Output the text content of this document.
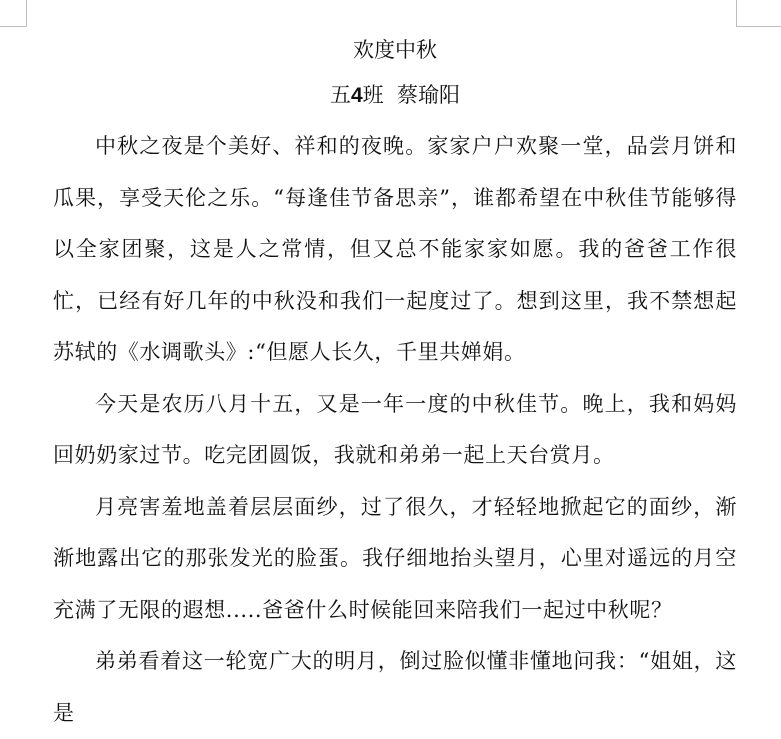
欢度中秋
五4班 蔡瑜阳

中秋之夜是个美好、祥和的夜晚。家家户户欢聚一堂，品尝月饼和瓜果，享受天伦之乐。“每逢佳节备思亲”，谁都希望在中秋佳节能够得以全家团聚，这是人之常情，但又总不能家家如愿。我的爸爸工作很忙，已经有好几年的中秋没和我们一起度过了。想到这里，我不禁想起苏轼的《水调歌头》:“但愿人长久，千里共婵娟。

今天是农历八月十五，又是一年一度的中秋佳节。晚上，我和妈妈回奶奶家过节。吃完团圆饭，我就和弟弟一起上天台赏月。

月亮害羞地盖着层层面纱，过了很久，才轻轻地掀起它的面纱，渐渐地露出它的那张发光的脸蛋。我仔细地抬头望月，心里对遥远的月空充满了无限的遐想.....爸爸什么时候能回来陪我们一起过中秋呢？

弟弟看着这一轮宽广大的明月，倒过脸似懂非懂地问我：“姐姐，这是
